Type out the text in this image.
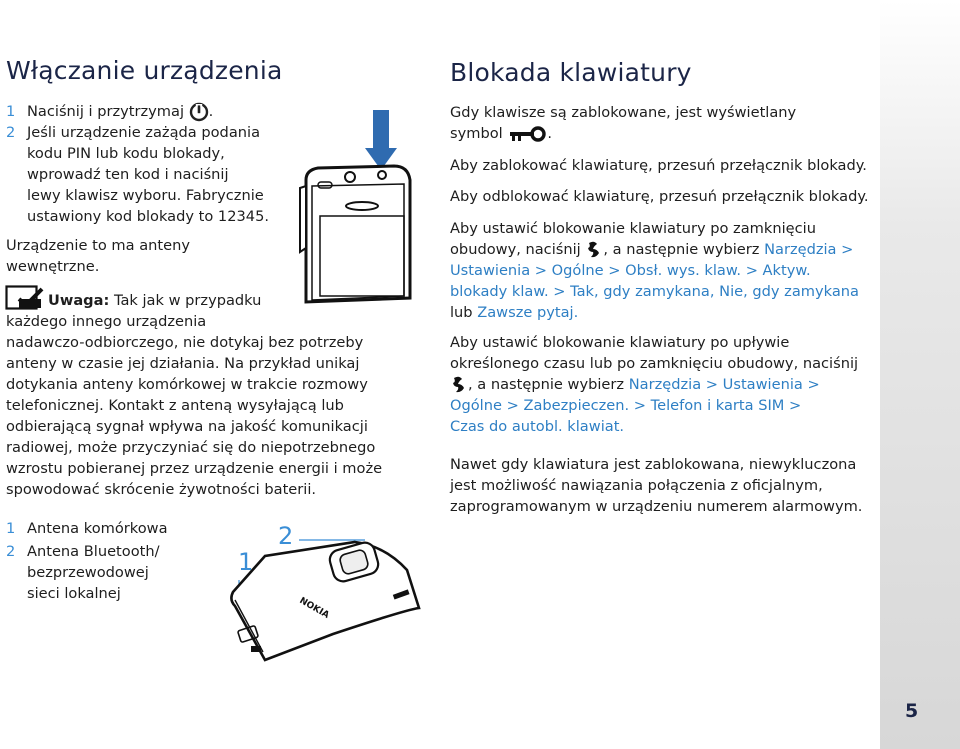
Włączanie urządzenia
1 Naciśnij i przytrzymaj .
2 Jeśli urządzenie zażąda podania
kodu PIN lub kodu blokady,
wprowadź ten kod i naciśnij
lewy klawisz wyboru. Fabrycznie
ustawiony kod blokady to 12345.
Urządzenie to ma anteny
wewnętrzne.
Uwaga: Tak jak w przypadku
każdego innego urządzenia
nadawczo-odbiorczego, nie dotykaj bez potrzeby
anteny w czasie jej działania. Na przykład unikaj
dotykania anteny komórkowej w trakcie rozmowy
telefonicznej. Kontakt z anteną wysyłającą lub
odbierającą sygnał wpływa na jakość komunikacji
radiowej, może przyczyniać się do niepotrzebnego
wzrostu pobieranej przez urządzenie energii i może
spowodować skrócenie żywotności baterii.
1 Antena komórkowa
2 Antena Bluetooth/
bezprzewodowej
sieci lokalnej
1
2
NOKIA
Blokada klawiatury
Gdy klawisze są zablokowane, jest wyświetlany
symbol	.
Aby zablokować klawiaturę, przesuń przełącznik blokady.
Aby odblokować klawiaturę, przesuń przełącznik blokady.
Aby ustawić blokowanie klawiatury po zamknięciu
obudowy, naciśnij , a następnie wybierz Narzędzia >
Ustawienia > Ogólne > Obsł. wys. klaw. > Aktyw.
blokady klaw. > Tak, gdy zamykana, Nie, gdy zamykana
lub Zawsze pytaj.
Aby ustawić blokowanie klawiatury po upływie
określonego czasu lub po zamknięciu obudowy, naciśnij
, a następnie wybierz Narzędzia > Ustawienia >
Ogólne > Zabezpieczen. > Telefon i karta SIM >
Czas do autobl. klawiat.
Nawet gdy klawiatura jest zablokowana, niewykluczona
jest możliwość nawiązania połączenia z oficjalnym,
zaprogramowanym w urządzeniu numerem alarmowym.
5
